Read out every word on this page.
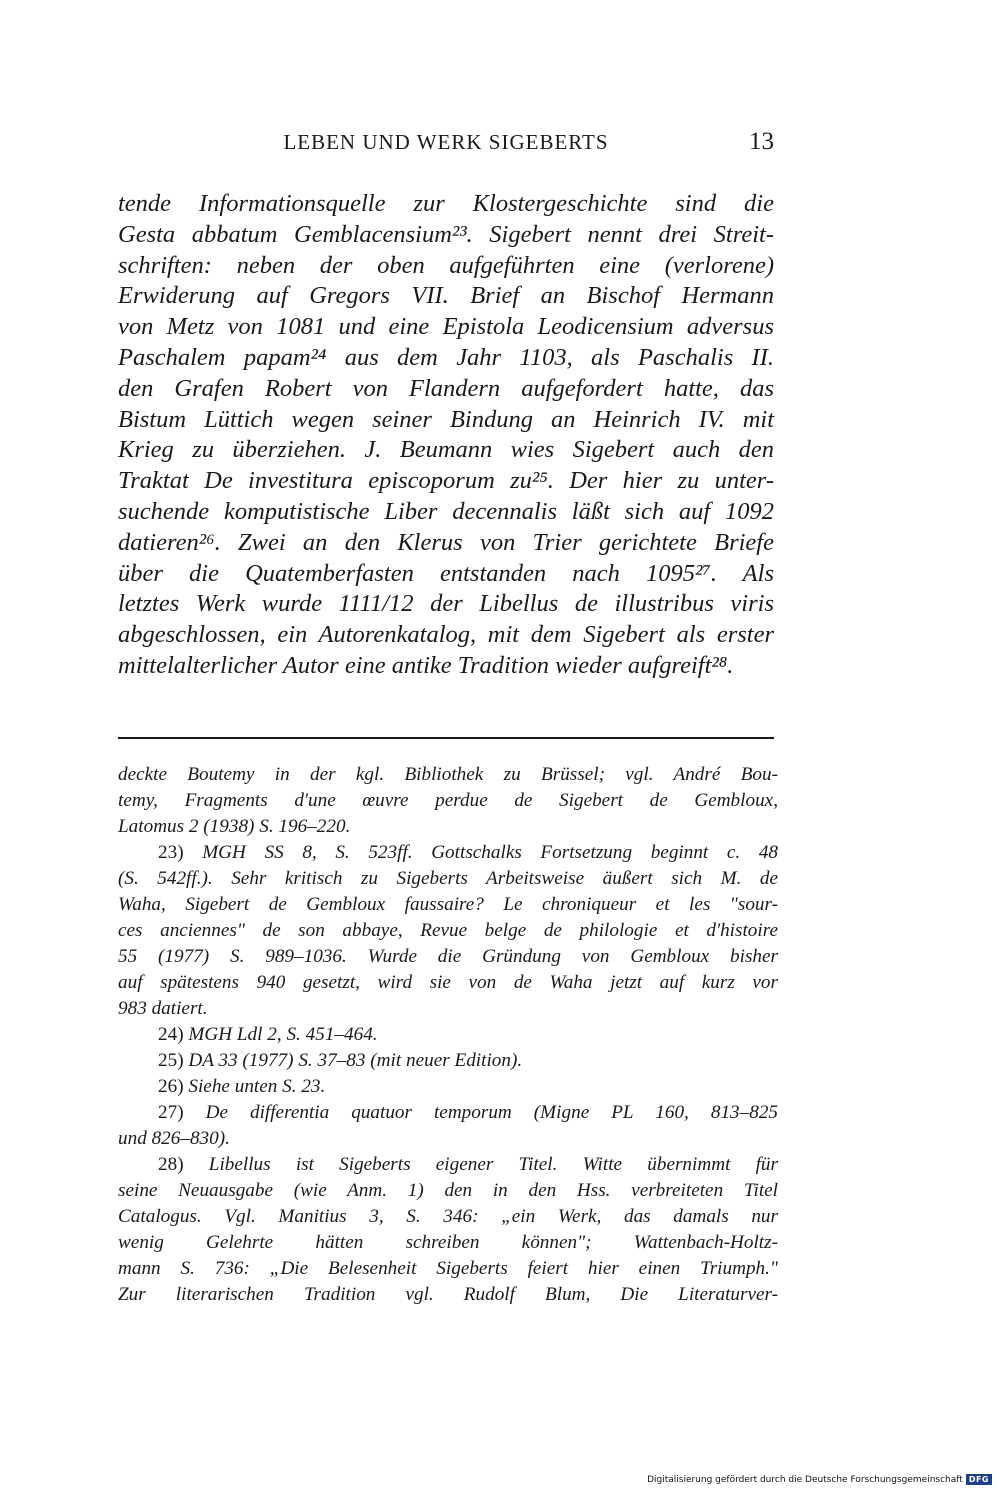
LEBEN UND WERK SIGEBERTS	13
tende Informationsquelle zur Klostergeschichte sind die
Gesta abbatum Gemblacensium²³. Sigebert nennt drei Streit-
schriften: neben der oben aufgeführten eine (verlorene)
Erwiderung auf Gregors VII. Brief an Bischof Hermann
von Metz von 1081 und eine Epistola Leodicensium adversus
Paschalem papam²⁴ aus dem Jahr 1103, als Paschalis II.
den Grafen Robert von Flandern aufgefordert hatte, das
Bistum Lüttich wegen seiner Bindung an Heinrich IV. mit
Krieg zu überziehen. J. Beumann wies Sigebert auch den
Traktat De investitura episcoporum zu²⁵. Der hier zu unter-
suchende komputistische Liber decennalis läßt sich auf 1092
datieren²⁶. Zwei an den Klerus von Trier gerichtete Briefe
über die Quatemberfasten entstanden nach 1095²⁷. Als
letztes Werk wurde 1111/12 der Libellus de illustribus viris
abgeschlossen, ein Autorenkatalog, mit dem Sigebert als erster
mittelalterlicher Autor eine antike Tradition wieder aufgreift²⁸.
deckte Boutemy in der kgl. Bibliothek zu Brüssel; vgl. André Bou-
temy, Fragments d'une œuvre perdue de Sigebert de Gembloux,
Latomus 2 (1938) S. 196–220.
23) MGH SS 8, S. 523ff. Gottschalks Fortsetzung beginnt c. 48
(S. 542ff.). Sehr kritisch zu Sigeberts Arbeitsweise äußert sich M. de
Waha, Sigebert de Gembloux faussaire? Le chroniqueur et les "sour-
ces anciennes" de son abbaye, Revue belge de philologie et d'histoire
55 (1977) S. 989–1036. Wurde die Gründung von Gembloux bisher
auf spätestens 940 gesetzt, wird sie von de Waha jetzt auf kurz vor
983 datiert.
24) MGH Ldl 2, S. 451–464.
25) DA 33 (1977) S. 37–83 (mit neuer Edition).
26) Siehe unten S. 23.
27) De differentia quatuor temporum (Migne PL 160, 813–825
und 826–830).
28) Libellus ist Sigeberts eigener Titel. Witte übernimmt für
seine Neuausgabe (wie Anm. 1) den in den Hss. verbreiteten Titel
Catalogus. Vgl. Manitius 3, S. 346: „ein Werk, das damals nur
wenig Gelehrte hätten schreiben können"; Wattenbach-Holtz-
mann S. 736: „Die Belesenheit Sigeberts feiert hier einen Triumph."
Zur literarischen Tradition vgl. Rudolf Blum, Die Literaturver-
Digitalisierung gefördert durch die Deutsche Forschungsgemeinschaft DFG
